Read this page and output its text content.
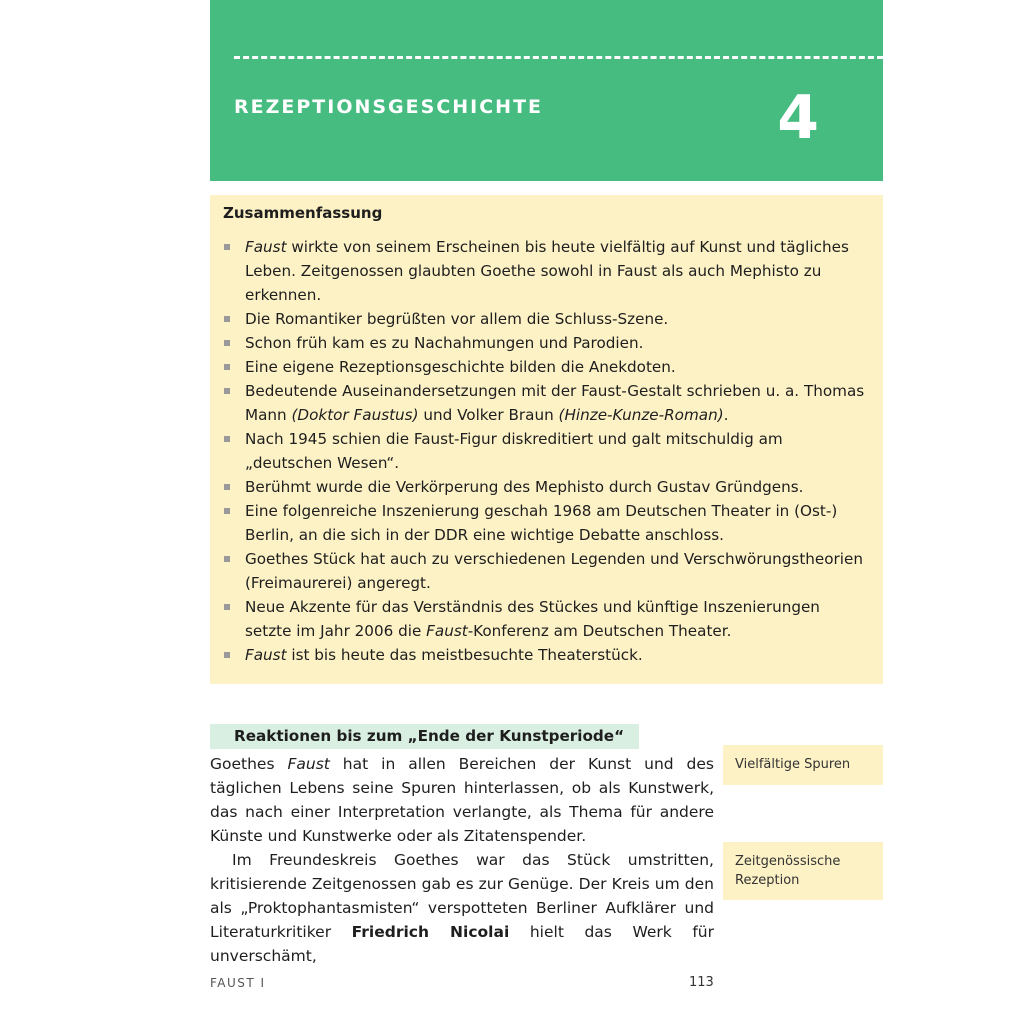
REZEPTIONSGESCHICHTE	4
Zusammenfassung
Faust wirkte von seinem Erscheinen bis heute vielfältig auf Kunst und tägliches Leben. Zeitgenossen glaubten Goethe sowohl in Faust als auch Mephisto zu erkennen.
Die Romantiker begrüßten vor allem die Schluss-Szene.
Schon früh kam es zu Nachahmungen und Parodien.
Eine eigene Rezeptionsgeschichte bilden die Anekdoten.
Bedeutende Auseinandersetzungen mit der Faust-Gestalt schrieben u. a. Thomas Mann (Doktor Faustus) und Volker Braun (Hinze-Kunze-Roman).
Nach 1945 schien die Faust-Figur diskreditiert und galt mitschuldig am „deutschen Wesen“.
Berühmt wurde die Verkörperung des Mephisto durch Gustav Gründgens.
Eine folgenreiche Inszenierung geschah 1968 am Deutschen Theater in (Ost-) Berlin, an die sich in der DDR eine wichtige Debatte anschloss.
Goethes Stück hat auch zu verschiedenen Legenden und Verschwörungstheorien (Freimaurerei) angeregt.
Neue Akzente für das Verständnis des Stückes und künftige Inszenierungen setzte im Jahr 2006 die Faust-Konferenz am Deutschen Theater.
Faust ist bis heute das meistbesuchte Theaterstück.
Reaktionen bis zum „Ende der Kunstperiode“

Goethes Faust hat in allen Bereichen der Kunst und des täglichen Lebens seine Spuren hinterlassen, ob als Kunstwerk, das nach einer Interpretation verlangte, als Thema für andere Künste und Kunstwerke oder als Zitatenspender.

Im Freundeskreis Goethes war das Stück umstritten, kritisierende Zeitgenossen gab es zur Genüge. Der Kreis um den als „Proktophantasmisten“ verspotteten Berliner Aufklärer und Literaturkritiker Friedrich Nicolai hielt das Werk für unverschämt,

Vielfältige Spuren
Zeitgenössische Rezeption
FAUST I	113
